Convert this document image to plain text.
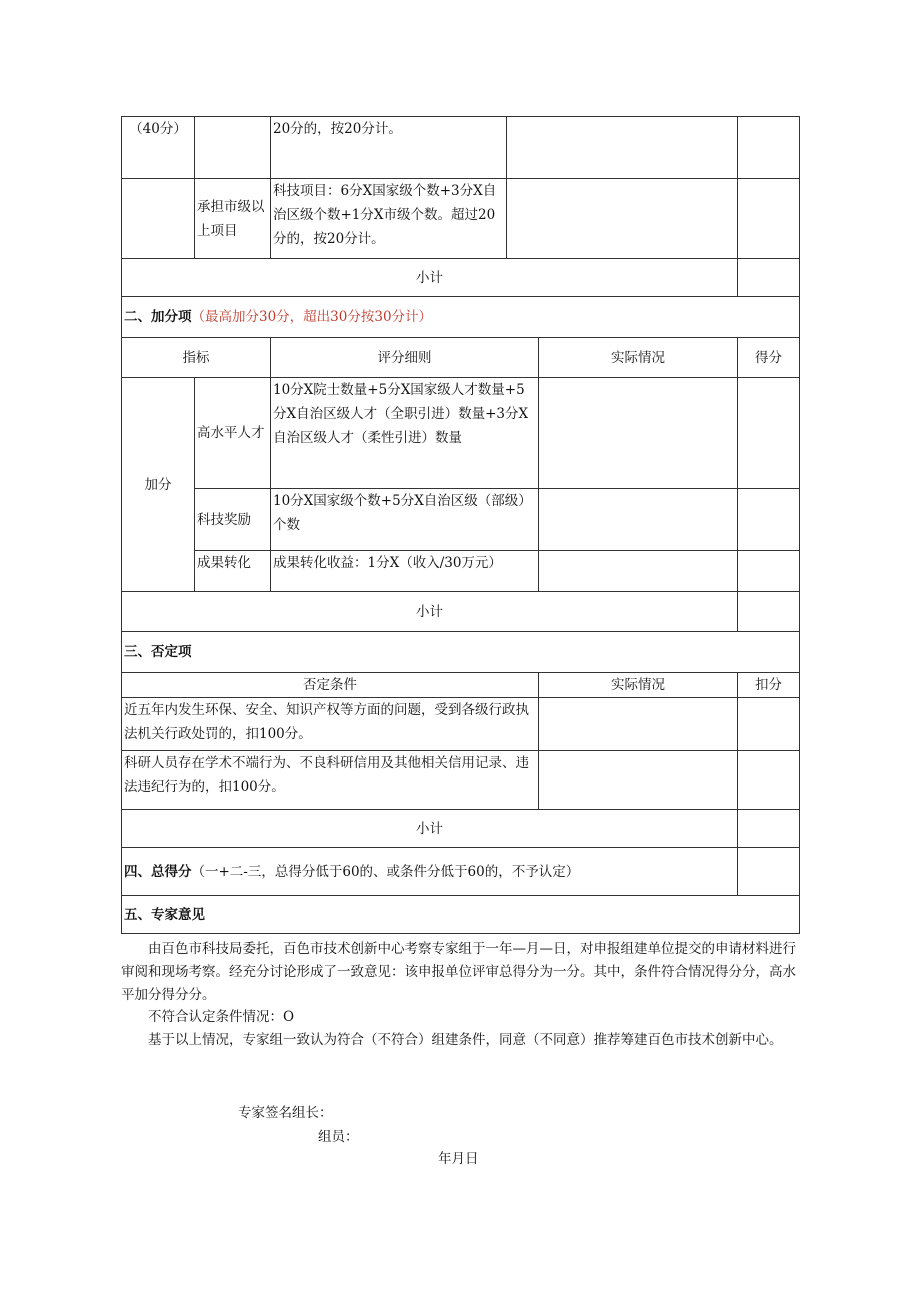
（40分）		20分的，按20分计。		
	承担市级以上项目	科技项目：6分X国家级个数+3分X自治区级个数+1分X市级个数。超过20分的，按20分计。		
小计				
二、加分项（最高加分30分，超出30分按30分计）				
指标		评分细则	实际情况	得分
加分	高水平人才	10分X院士数量+5分X国家级人才数量+5分X自治区级人才（全职引进）数量+3分X自治区级人才（柔性引进）数量		
	科技奖励	10分X国家级个数+5分X自治区级（部级）个数		
	成果转化	成果转化收益：1分X（收入/30万元）		
小计				
三、否定项		
否定条件	实际情况	扣分
近五年内发生环保、安全、知识产权等方面的问题，受到各级行政执法机关行政处罚的，扣100分。		
科研人员存在学术不端行为、不良科研信用及其他相关信用记录、违法违纪行为的，扣100分。		
小计		
四、总得分（一+二-三，总得分低于60的、或条件分低于60的，不予认定）	
五、专家意见
由百色市科技局委托，百色市技术创新中心考察专家组于一年—月—日，对申报组建单位提交的申请材料进行审阅和现场考察。经充分讨论形成了一致意见：该申报单位评审总得分为一分。其中，条件符合情况得分分，高水平加分得分分。
不符合认定条件情况：O
基于以上情况，专家组一致认为符合（不符合）组建条件，同意（不同意）推荐筹建百色市技术创新中心。
专家签名组长：
组员：
年月日
